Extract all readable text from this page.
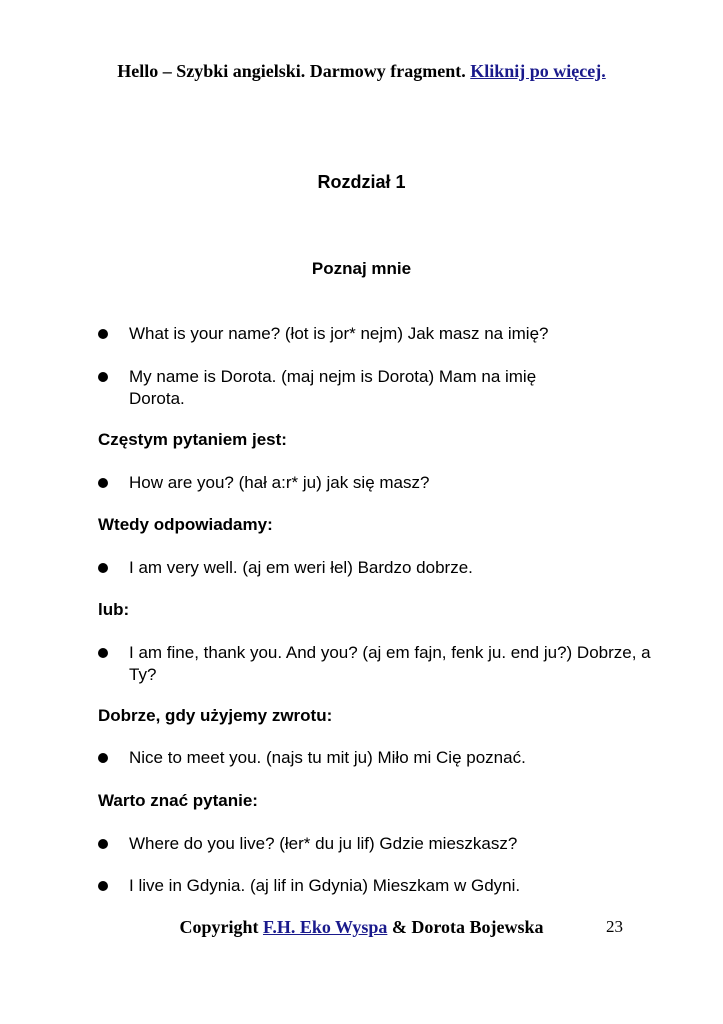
Hello – Szybki angielski. Darmowy fragment. Kliknij po więcej.
Rozdział 1
Poznaj mnie
What is your name? (łot is jor* nejm) Jak masz na imię?
My name is Dorota. (maj nejm is Dorota) Mam na imię Dorota.
Częstym pytaniem jest:
How are you? (hał a:r* ju) jak się masz?
Wtedy odpowiadamy:
I am very well. (aj em weri łel) Bardzo dobrze.
lub:
I am fine, thank you. And you? (aj em fajn, fenk ju. end ju?) Dobrze, a Ty?
Dobrze, gdy użyjemy zwrotu:
Nice to meet you. (najs tu mit ju) Miło mi Cię poznać.
Warto znać pytanie:
Where do you live? (łer* du ju lif) Gdzie mieszkasz?
I live in Gdynia. (aj lif in Gdynia) Mieszkam w Gdyni.
Copyright F.H. Eko Wyspa & Dorota Bojewska	23
